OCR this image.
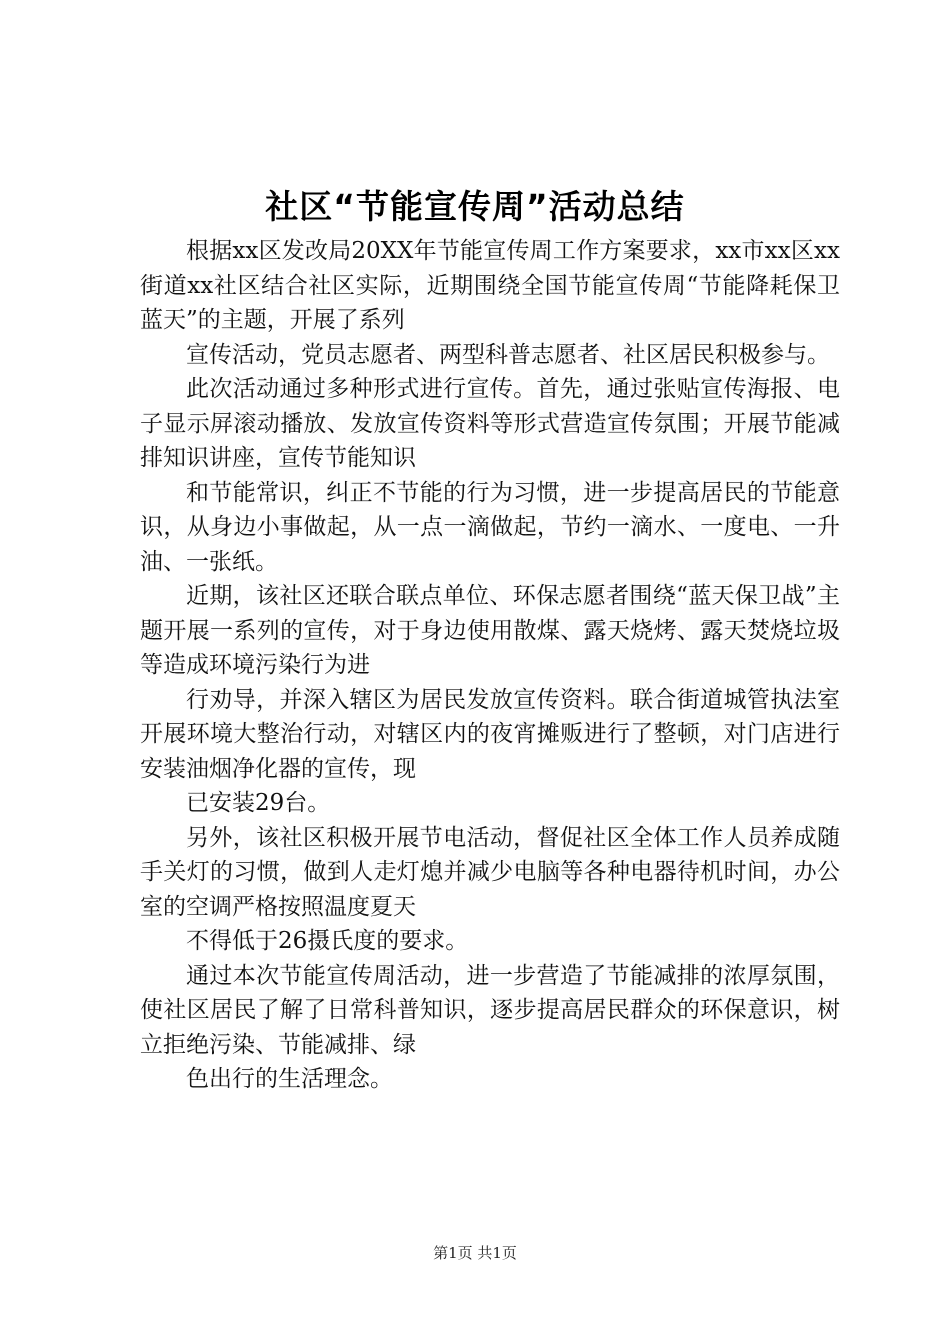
社区“节能宣传周”活动总结

根据xx区发改局20XX年节能宣传周工作方案要求，xx市xx区xx街道xx社区结合社区实际，近期围绕全国节能宣传周“节能降耗保卫蓝天”的主题，开展了系列

宣传活动，党员志愿者、两型科普志愿者、社区居民积极参与。

此次活动通过多种形式进行宣传。首先，通过张贴宣传海报、电子显示屏滚动播放、发放宣传资料等形式营造宣传氛围；开展节能减排知识讲座，宣传节能知识

和节能常识，纠正不节能的行为习惯，进一步提高居民的节能意识，从身边小事做起，从一点一滴做起，节约一滴水、一度电、一升油、一张纸。

近期，该社区还联合联点单位、环保志愿者围绕“蓝天保卫战”主题开展一系列的宣传，对于身边使用散煤、露天烧烤、露天焚烧垃圾等造成环境污染行为进

行劝导，并深入辖区为居民发放宣传资料。联合街道城管执法室开展环境大整治行动，对辖区内的夜宵摊贩进行了整顿，对门店进行安装油烟净化器的宣传，现

已安装29台。

另外，该社区积极开展节电活动，督促社区全体工作人员养成随手关灯的习惯，做到人走灯熄并减少电脑等各种电器待机时间，办公室的空调严格按照温度夏天

不得低于26摄氏度的要求。

通过本次节能宣传周活动，进一步营造了节能减排的浓厚氛围，使社区居民了解了日常科普知识，逐步提高居民群众的环保意识，树立拒绝污染、节能减排、绿

色出行的生活理念。

第1页 共1页
